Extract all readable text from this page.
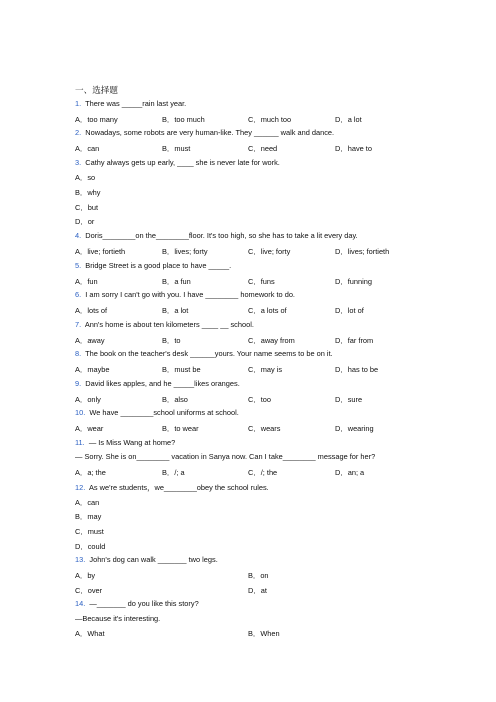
一、选择题
1. There was _____rain last year.
A．too many	B．too much	C．much too	D．a lot
2. Nowadays, some robots are very human-like. They ______ walk and dance.
A．can	B．must	C．need	D．have to
3. Cathy always gets up early, ____ she is never late for work.
A．so
B．why
C．but
D．or
4. Doris________on the________floor. It's too high, so she has to take a lit every day.
A．live; fortieth	B．lives; forty	C．live; forty	D．lives; fortieth
5. Bridge Street is a good place to have _____.
A．fun	B．a fun	C．funs	D．funning
6. I am sorry I can't go with you. I have ________ homework to do.
A．lots of	B．a lot	C．a lots of	D．lot of
7. Ann's home is about ten kilometers ____ __ school.
A．away	B．to	C．away from	D．far from
8. The book on the teacher's desk ______yours. Your name seems to be on it.
A．maybe	B．must be	C．may is	D．has to be
9. David likes apples, and he _____likes oranges.
A．only	B．also	C．too	D．sure
10. We have ________school uniforms at school.
A．wear	B．to wear	C．wears	D．wearing
11. — Is Miss Wang at home?
— Sorry. She is on________ vacation in Sanya now. Can I take________ message for her?
A．a; the	B．/; a	C．/; the	D．an; a
12. As we're students，we________obey the school rules.
A．can
B．may
C．must
D．could
13. John's dog can walk _______ two legs.
A．by	B．on
C．over	D．at
14. —_______ do you like this story?
—Because it's interesting.
A．What	B．When
